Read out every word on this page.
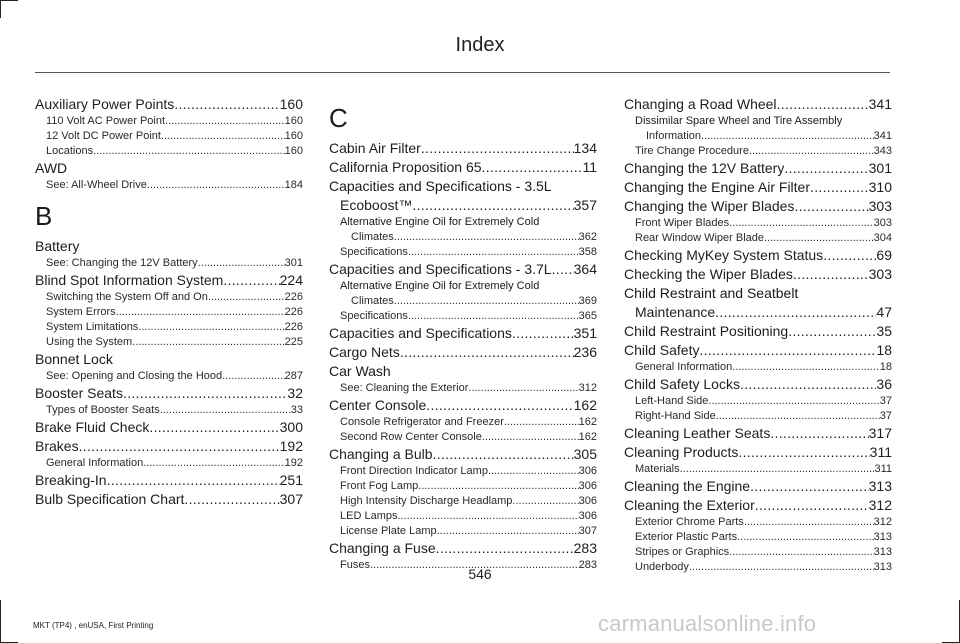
Index
Auxiliary Power Points .....	160
110 Volt AC Power Point .....	160
12 Volt DC Power Point .....	160
Locations .....	160
AWD
See: All-Wheel Drive .....	184
B
Battery
See: Changing the 12V Battery .....	301
Blind Spot Information System .....	224
Switching the System Off and On .....	226
System Errors .....	226
System Limitations .....	226
Using the System .....	225
Bonnet Lock
See: Opening and Closing the Hood .....	287
Booster Seats .....	32
Types of Booster Seats .....	33
Brake Fluid Check .....	300
Brakes .....	192
General Information .....	192
Breaking-In .....	251
Bulb Specification Chart .....	307
C
Cabin Air Filter .....	134
California Proposition 65 .....	11
Capacities and Specifications - 3.5L
Ecoboost™ .....	357
Alternative Engine Oil for Extremely Cold
Climates .....	362
Specifications .....	358
Capacities and Specifications - 3.7L ..... 364
Alternative Engine Oil for Extremely Cold
Climates .....	369
Specifications .....	365
Capacities and Specifications .....	351
Cargo Nets .....	236
Car Wash
See: Cleaning the Exterior .....	312
Center Console .....	162
Console Refrigerator and Freezer .....	162
Second Row Center Console .....	162
Changing a Bulb .....	305
Front Direction Indicator Lamp .....	306
Front Fog Lamp .....	306
High Intensity Discharge Headlamp .....	306
LED Lamps .....	306
License Plate Lamp .....	307
Changing a Fuse .....	283
Fuses .....	283
Changing a Road Wheel .....	341
Dissimilar Spare Wheel and Tire Assembly
Information .....	341
Tire Change Procedure .....	343
Changing the 12V Battery .....	301
Changing the Engine Air Filter .....	310
Changing the Wiper Blades .....	303
Front Wiper Blades .....	303
Rear Window Wiper Blade .....	304
Checking MyKey System Status .....	69
Checking the Wiper Blades .....	303
Child Restraint and Seatbelt
Maintenance .....	47
Child Restraint Positioning .....	35
Child Safety .....	18
General Information .....	18
Child Safety Locks .....	36
Left-Hand Side .....	37
Right-Hand Side .....	37
Cleaning Leather Seats .....	317
Cleaning Products .....	311
Materials .....	311
Cleaning the Engine .....	313
Cleaning the Exterior .....	312
Exterior Chrome Parts .....	312
Exterior Plastic Parts .....	313
Stripes or Graphics .....	313
Underbody .....	313
546
MKT (TP4) , enUSA, First Printing	carmanualsonline.info
